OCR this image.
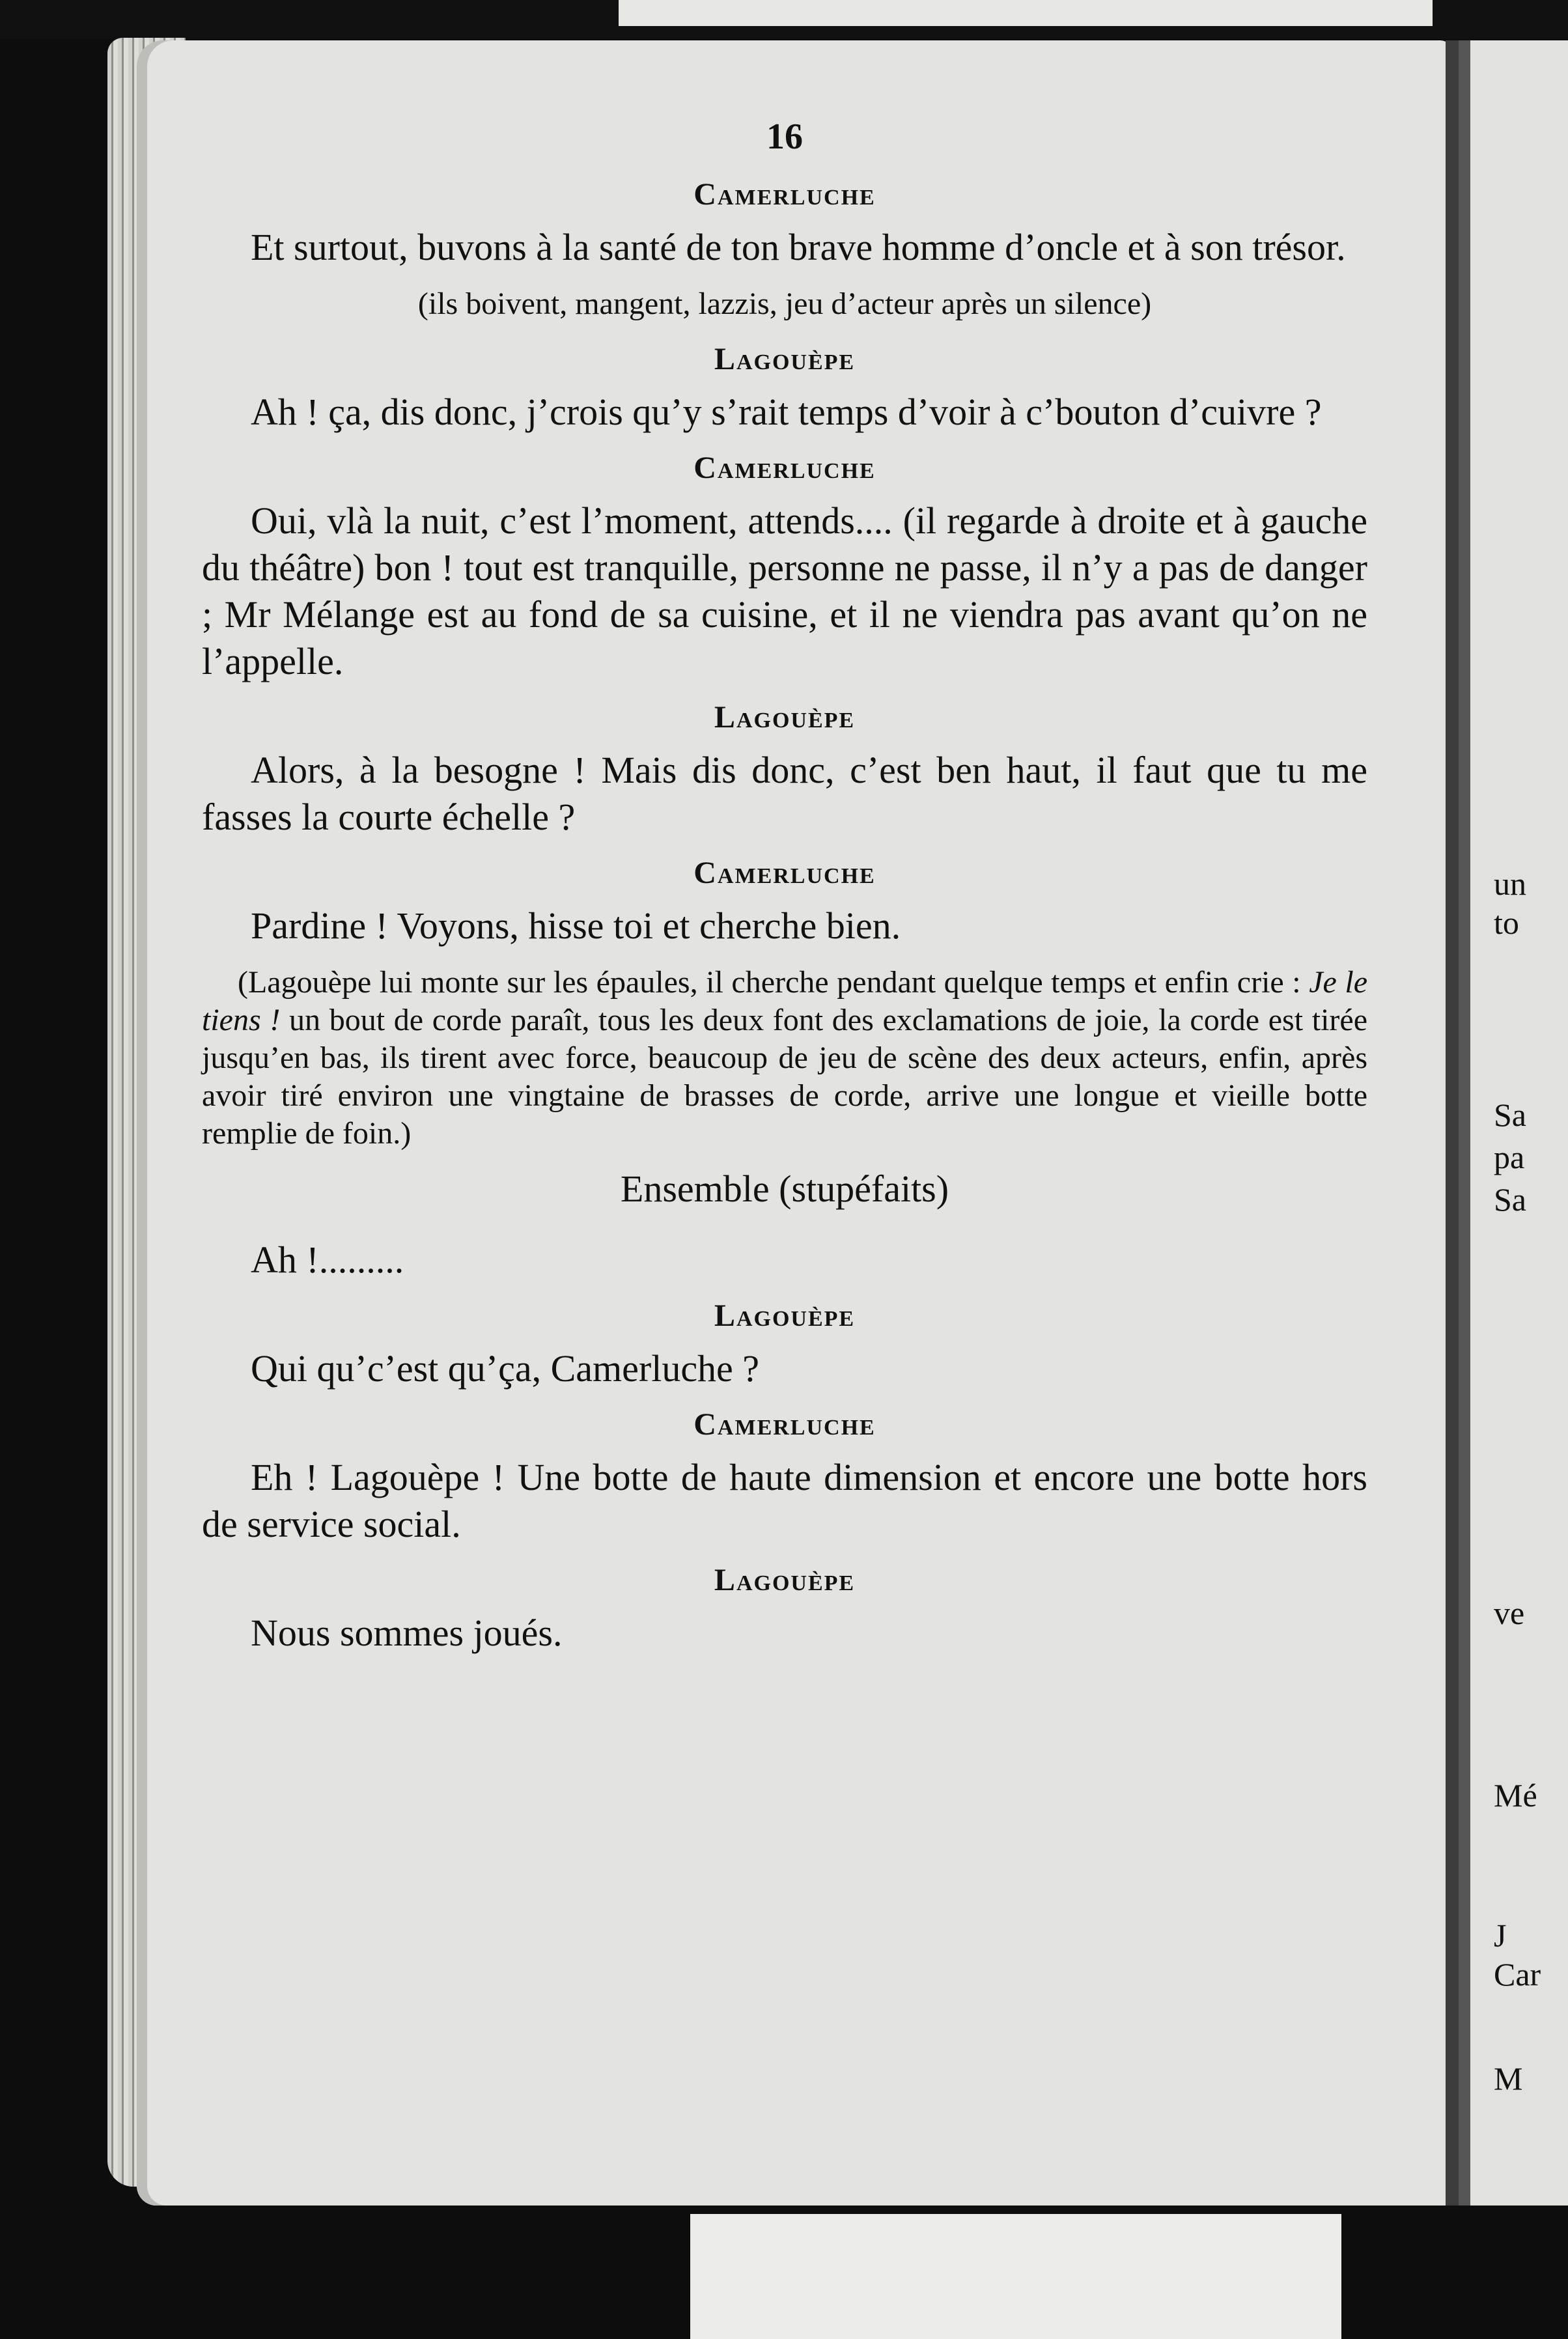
un
to
Sa
pa
Sa
ve
Mé
J
Car
M
16
Camerluche

Et surtout, buvons à la santé de ton brave homme d’oncle et à son trésor.

(ils boivent, mangent, lazzis, jeu d’acteur après un silence)

Lagouèpe

Ah ! ça, dis donc, j’crois qu’y s’rait temps d’voir à c’bouton d’cuivre ?

Camerluche

Oui, vlà la nuit, c’est l’moment, attends.... (il regarde à droite et à gauche du théâtre) bon ! tout est tranquille, personne ne passe, il n’y a pas de danger ; Mr Mélange est au fond de sa cuisine, et il ne viendra pas avant qu’on ne l’appelle.

Lagouèpe

Alors, à la besogne ! Mais dis donc, c’est ben haut, il faut que tu me fasses la courte échelle ?

Camerluche

Pardine ! Voyons, hisse toi et cherche bien.

(Lagouèpe lui monte sur les épaules, il cherche pendant quelque temps et enfin crie : Je le tiens ! un bout de corde paraît, tous les deux font des exclamations de joie, la corde est tirée jusqu’en bas, ils tirent avec force, beaucoup de jeu de scène des deux acteurs, enfin, après avoir tiré environ une vingtaine de brasses de corde, arrive une longue et vieille botte remplie de foin.)

Ensemble (stupéfaits)

Ah !.........

Lagouèpe

Qui qu’c’est qu’ça, Camerluche ?

Camerluche

Eh ! Lagouèpe ! Une botte de haute dimension et encore une botte hors de service social.

Lagouèpe

Nous sommes joués.
